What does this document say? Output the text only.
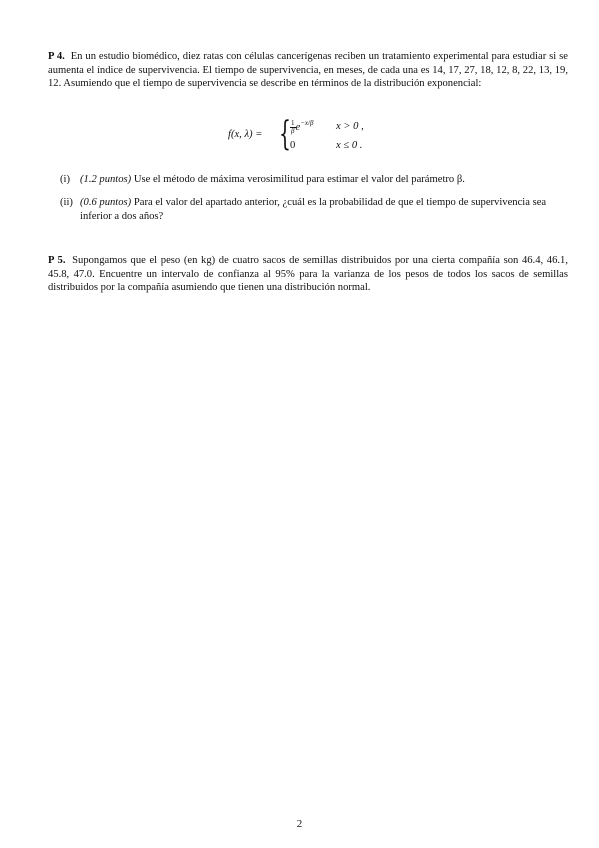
P 4. En un estudio biomédico, diez ratas con células cancerígenas reciben un tratamiento experimental para estudiar si se aumenta el índice de supervivencia. El tiempo de supervivencia, en meses, de cada una es 14, 17, 27, 18, 12, 8, 22, 13, 19, 12. Asumiendo que el tiempo de supervivencia se describe en términos de la distribución exponencial:
f(x, λ) = { $\frac{1}{\beta} e^{-x/\beta}$ x > 0 ,
0	x ≤ 0 .
(i) (1.2 puntos) Use el método de máxima verosimilitud para estimar el valor del parámetro β.
(ii) (0.6 puntos) Para el valor del apartado anterior, ¿cuál es la probabilidad de que el tiempo de supervivencia sea inferior a dos años?
P 5. Supongamos que el peso (en kg) de cuatro sacos de semillas distribuidos por una cierta compañía son 46.4, 46.1, 45.8, 47.0. Encuentre un intervalo de confianza al 95% para la varianza de los pesos de todos los sacos de semillas distribuidos por la compañía asumiendo que tienen una distribución normal.
2
